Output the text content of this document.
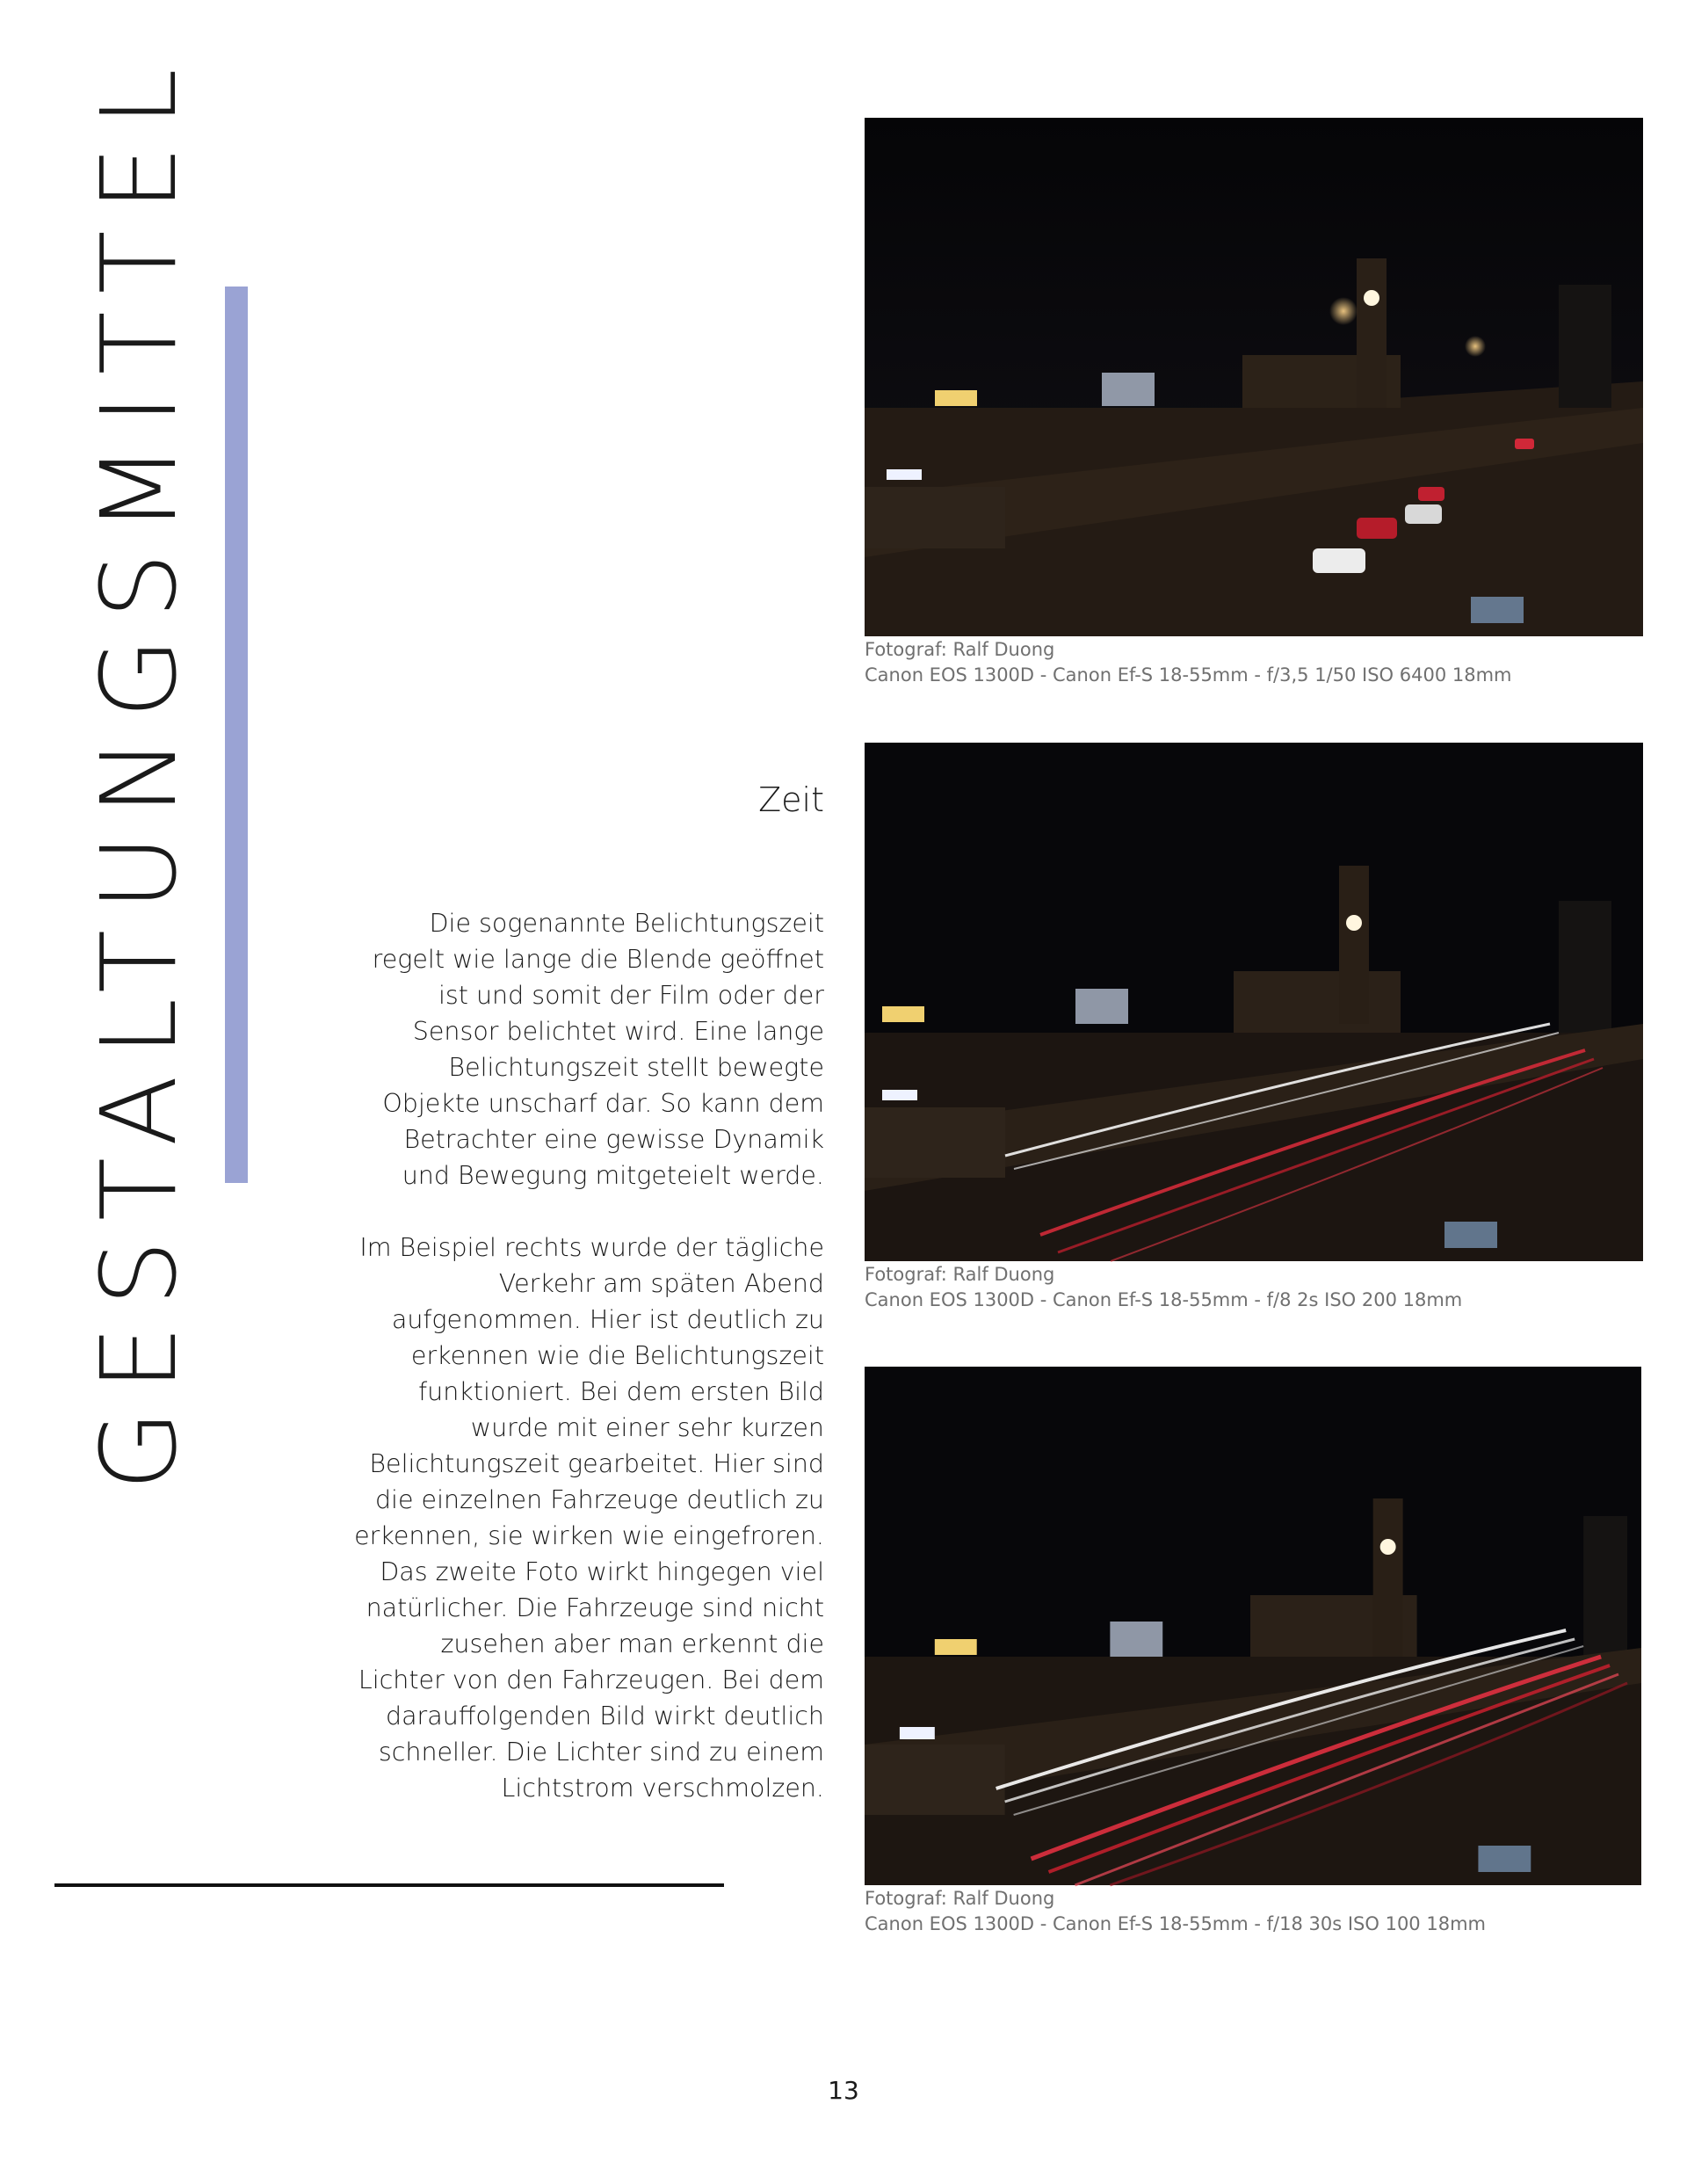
GESTALTUNGSMITTEL	Zeit

Die sogenannte Belichtungszeit regelt wie lange die Blende geöffnet ist und somit der Film oder der Sensor belichtet wird. Eine lange Belichtungszeit stellt bewegte Objekte unscharf dar. So kann dem Betrachter eine gewisse Dynamik und Bewegung mitgeteielt werde.

Im Beispiel rechts wurde der tägliche Verkehr am späten Abend aufgenommen. Hier ist deutlich zu erkennen wie die Belichtungszeit funktioniert. Bei dem ersten Bild wurde mit einer sehr kurzen Belichtungszeit gearbeitet. Hier sind die einzelnen Fahrzeuge deutlich zu erkennen, sie wirken wie eingefroren. Das zweite Foto wirkt hingegen viel natürlicher. Die Fahrzeuge sind nicht zusehen aber man erkennt die Lichter von den Fahrzeugen. Bei dem darauffolgenden Bild wirkt deutlich schneller. Die Lichter sind zu einem Lichtstrom verschmolzen.

Fotograf: Ralf Duong
Canon EOS 1300D - Canon Ef-S 18-55mm - f/3,5 1/50 ISO 6400 18mm
Fotograf: Ralf Duong
Canon EOS 1300D - Canon Ef-S 18-55mm - f/8 2s ISO 200 18mm
Fotograf: Ralf Duong
Canon EOS 1300D - Canon Ef-S 18-55mm - f/18 30s ISO 100 18mm
13
